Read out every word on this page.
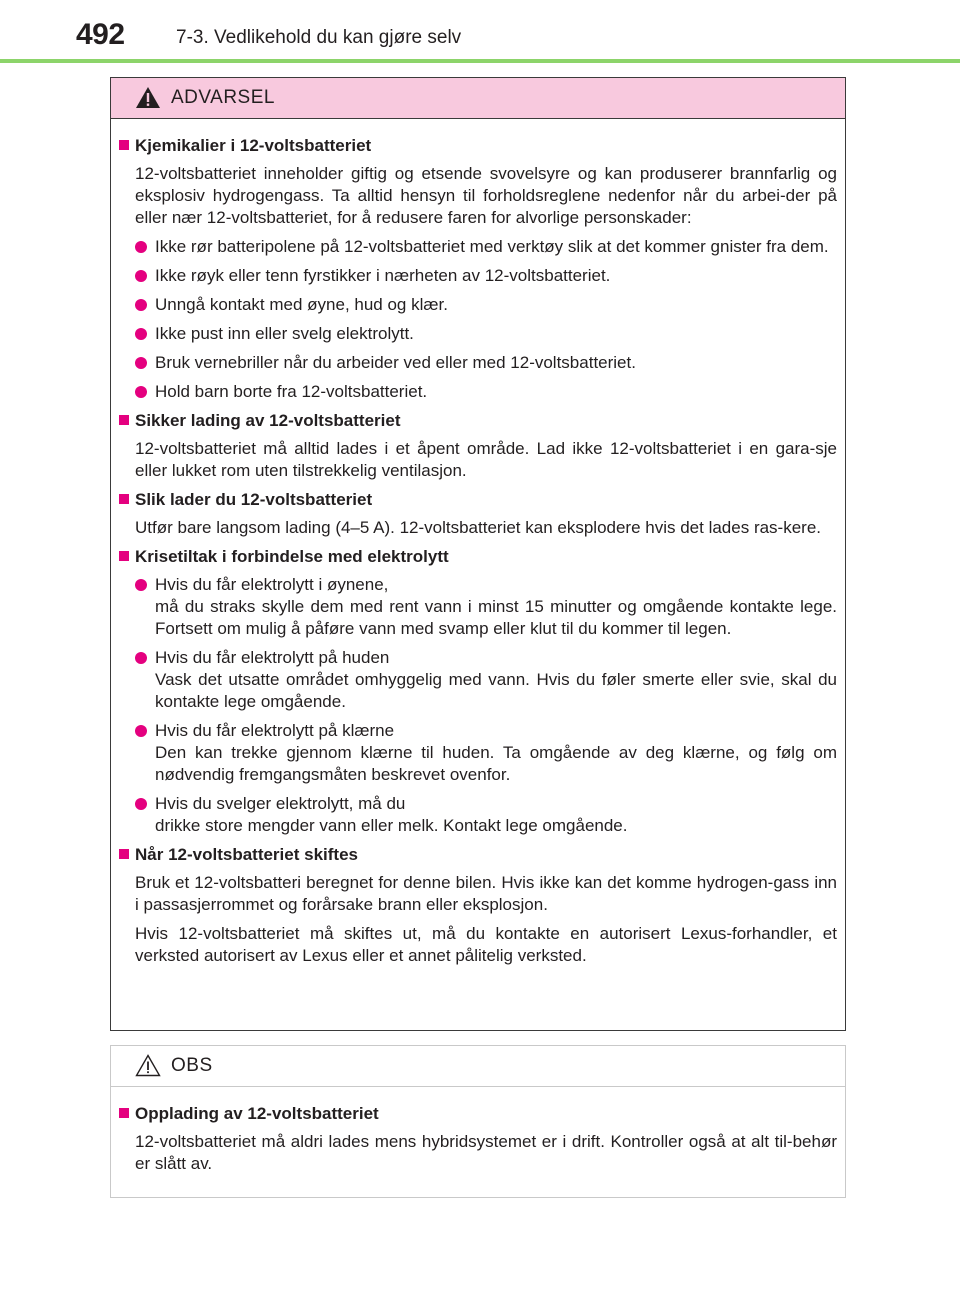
492	7-3. Vedlikehold du kan gjøre selv
ADVARSEL
Kjemikalier i 12-voltsbatteriet
12-voltsbatteriet inneholder giftig og etsende svovelsyre og kan produserer brannfarlig og eksplosiv hydrogengass. Ta alltid hensyn til forholdsreglene nedenfor når du arbei-der på eller nær 12-voltsbatteriet, for å redusere faren for alvorlige personskader:
Ikke rør batteripolene på 12-voltsbatteriet med verktøy slik at det kommer gnister fra dem.
Ikke røyk eller tenn fyrstikker i nærheten av 12-voltsbatteriet.
Unngå kontakt med øyne, hud og klær.
Ikke pust inn eller svelg elektrolytt.
Bruk vernebriller når du arbeider ved eller med 12-voltsbatteriet.
Hold barn borte fra 12-voltsbatteriet.
Sikker lading av 12-voltsbatteriet
12-voltsbatteriet må alltid lades i et åpent område. Lad ikke 12-voltsbatteriet i en gara-sje eller lukket rom uten tilstrekkelig ventilasjon.
Slik lader du 12-voltsbatteriet
Utfør bare langsom lading (4–5 A). 12-voltsbatteriet kan eksplodere hvis det lades ras-kere.
Krisetiltak i forbindelse med elektrolytt
Hvis du får elektrolytt i øynene,
må du straks skylle dem med rent vann i minst 15 minutter og omgående kontakte lege. Fortsett om mulig å påføre vann med svamp eller klut til du kommer til legen.
Hvis du får elektrolytt på huden
Vask det utsatte området omhyggelig med vann. Hvis du føler smerte eller svie, skal du kontakte lege omgående.
Hvis du får elektrolytt på klærne
Den kan trekke gjennom klærne til huden. Ta omgående av deg klærne, og følg om nødvendig fremgangsmåten beskrevet ovenfor.
Hvis du svelger elektrolytt, må du
drikke store mengder vann eller melk. Kontakt lege omgående.
Når 12-voltsbatteriet skiftes
Bruk et 12-voltsbatteri beregnet for denne bilen. Hvis ikke kan det komme hydrogen-gass inn i passasjerrommet og forårsake brann eller eksplosjon.
Hvis 12-voltsbatteriet må skiftes ut, må du kontakte en autorisert Lexus-forhandler, et verksted autorisert av Lexus eller et annet pålitelig verksted.
OBS
Opplading av 12-voltsbatteriet
12-voltsbatteriet må aldri lades mens hybridsystemet er i drift. Kontroller også at alt til-behør er slått av.
